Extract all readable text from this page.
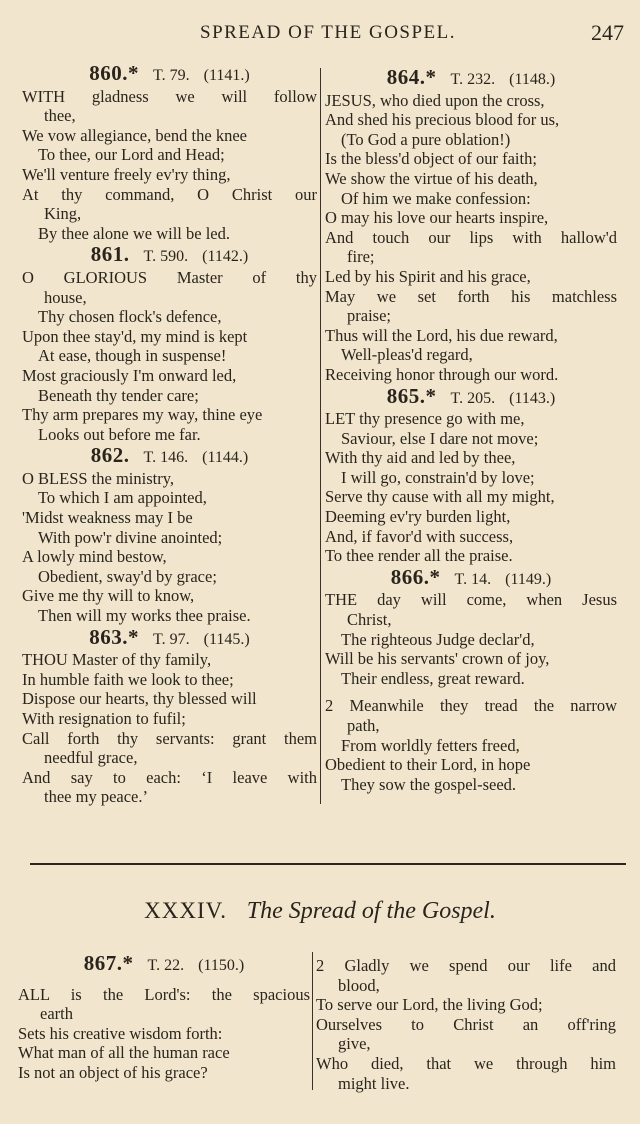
SPREAD OF THE GOSPEL.	247
860.* T. 79. (1141.)
WITH gladness we will follow
thee,
We vow allegiance, bend the knee
To thee, our Lord and Head;
We'll venture freely ev'ry thing,
At thy command, O Christ our
King,
By thee alone we will be led.
861. T. 590. (1142.)
O GLORIOUS Master of thy
house,
Thy chosen flock's defence,
Upon thee stay'd, my mind is kept
At ease, though in suspense!
Most graciously I'm onward led,
Beneath thy tender care;
Thy arm prepares my way, thine eye
Looks out before me far.
862. T. 146. (1144.)
O BLESS the ministry,
To which I am appointed,
'Midst weakness may I be
With pow'r divine anointed;
A lowly mind bestow,
Obedient, sway'd by grace;
Give me thy will to know,
Then will my works thee praise.
863.* T. 97. (1145.)
THOU Master of thy family,
In humble faith we look to thee;
Dispose our hearts, thy blessed will
With resignation to fufil;
Call forth thy servants: grant them
needful grace,
And say to each: ‘I leave with
thee my peace.’
864.* T. 232. (1148.)
JESUS, who died upon the cross,
And shed his precious blood for us,
(To God a pure oblation!)
Is the bless'd object of our faith;
We show the virtue of his death,
Of him we make confession:
O may his love our hearts inspire,
And touch our lips with hallow'd
fire;
Led by his Spirit and his grace,
May we set forth his matchless
praise;
Thus will the Lord, his due reward,
Well-pleas'd regard,
Receiving honor through our word.
865.* T. 205. (1143.)
LET thy presence go with me,
Saviour, else I dare not move;
With thy aid and led by thee,
I will go, constrain'd by love;
Serve thy cause with all my might,
Deeming ev'ry burden light,
And, if favor'd with success,
To thee render all the praise.
866.* T. 14. (1149.)
THE day will come, when Jesus
Christ,
The righteous Judge declar'd,
Will be his servants' crown of joy,
Their endless, great reward.
2 Meanwhile they tread the narrow
path,
From worldly fetters freed,
Obedient to their Lord, in hope
They sow the gospel-seed.
XXXIV. The Spread of the Gospel.
867.* T. 22. (1150.)
ALL is the Lord's: the spacious
earth
Sets his creative wisdom forth:
What man of all the human race
Is not an object of his grace?
2 Gladly we spend our life and
blood,
To serve our Lord, the living God;
Ourselves to Christ an off'ring
give,
Who died, that we through him
might live.
